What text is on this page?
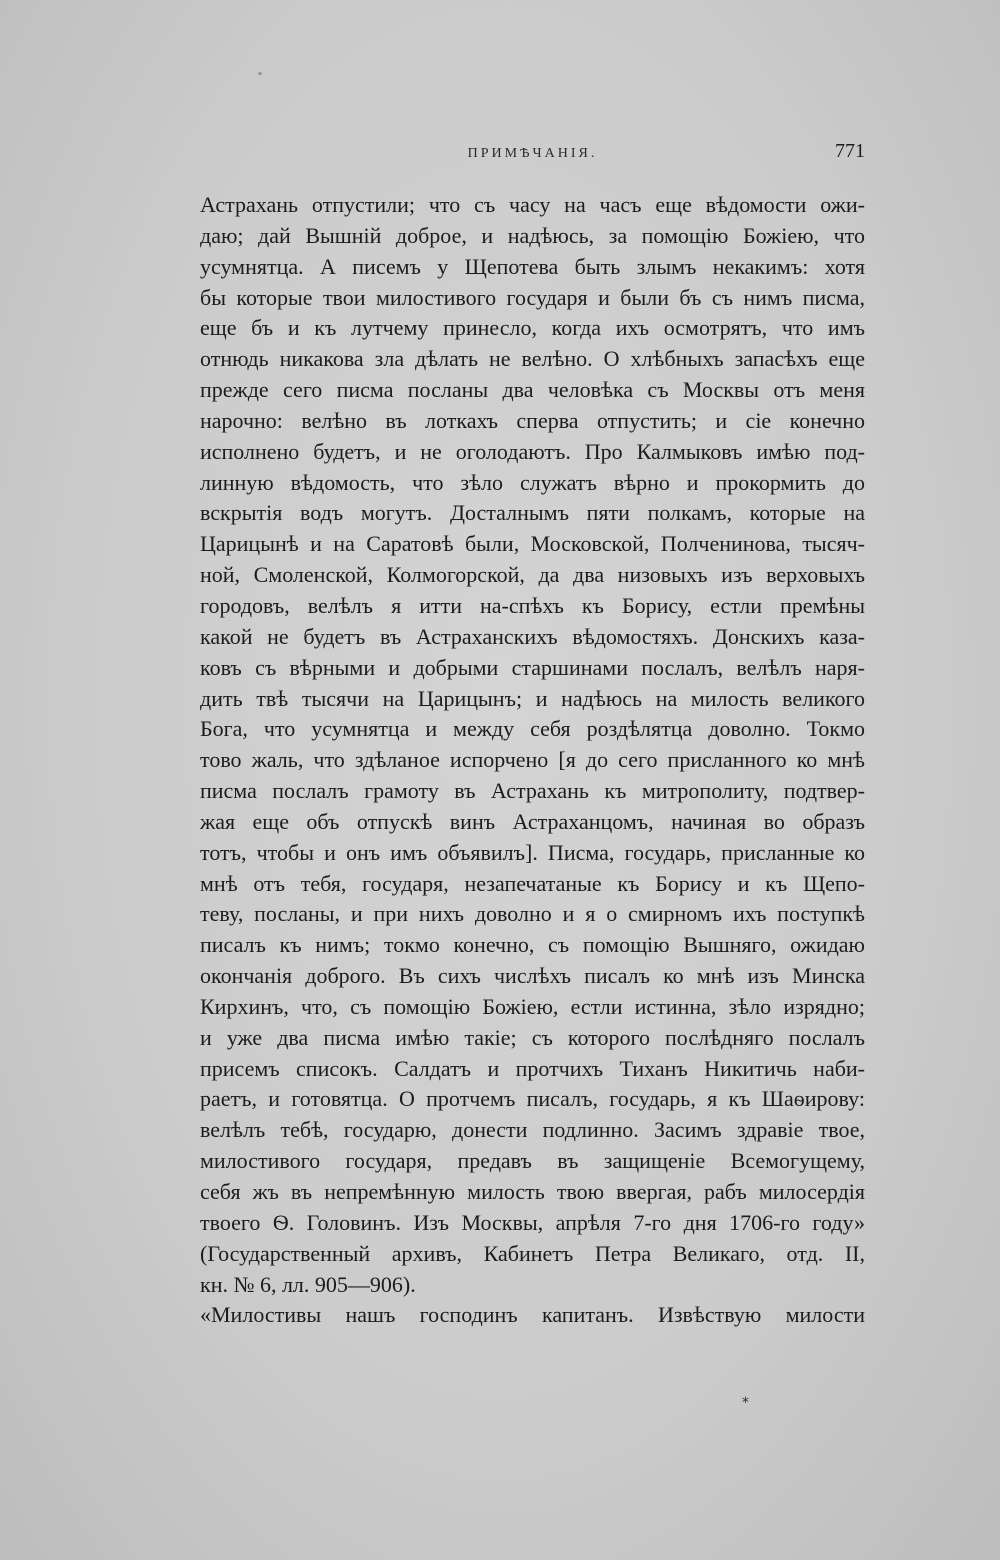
ПРИМѢЧАНІЯ.	771
Астрахань отпустили; что съ часу на часъ еще вѣдомости ожи-
даю; дай Вышній доброе, и надѣюсь, за помощію Божіею, что
усумнятца. А писемъ у Щепотева быть злымъ некакимъ: хотя
бы которые твои милостивого государя и были бъ съ нимъ писма,
еще бъ и къ лутчему принесло, когда ихъ осмотрятъ, что имъ
отнюдь никакова зла дѣлать не велѣно. О хлѣбныхъ запасѣхъ еще
прежде сего писма посланы два человѣка съ Москвы отъ меня
нарочно: велѣно въ лоткахъ сперва отпустить; и сіе конечно
исполнено будетъ, и не оголодаютъ. Про Калмыковъ имѣю под-
линную вѣдомость, что зѣло служатъ вѣрно и прокормить до
вскрытія водъ могутъ. Досталнымъ пяти полкамъ, которые на
Царицынѣ и на Саратовѣ были, Московской, Полченинова, тысяч-
ной, Смоленской, Колмогорской, да два низовыхъ изъ верховыхъ
городовъ, велѣлъ я итти на-спѣхъ къ Борису, естли премѣны
какой не будетъ въ Астраханскихъ вѣдомостяхъ. Донскихъ каза-
ковъ съ вѣрными и добрыми старшинами послалъ, велѣлъ наря-
дить твѣ тысячи на Царицынъ; и надѣюсь на милость великого
Бога, что усумнятца и между себя роздѣлятца доволно. Токмо
тово жаль, что здѣланое испорчено [я до сего присланного ко мнѣ
писма послалъ грамоту въ Астрахань къ митрополиту, подтвер-
жая еще объ отпускѣ винъ Астраханцомъ, начиная во образъ
тотъ, чтобы и онъ имъ объявилъ]. Писма, государь, присланные ко
мнѣ отъ тебя, государя, незапечатаные къ Борису и къ Щепо-
теву, посланы, и при нихъ доволно и я о смирномъ ихъ поступкѣ
писалъ къ нимъ; токмо конечно, съ помощію Вышняго, ожидаю
окончанія доброго. Въ сихъ числѣхъ писалъ ко мнѣ изъ Минска
Кирхинъ, что, съ помощію Божіею, естли истинна, зѣло изрядно;
и уже два писма имѣю такіе; съ которого послѣдняго послалъ
присемъ списокъ. Салдатъ и протчихъ Тиханъ Никитичь наби-
раетъ, и готовятца. О протчемъ писалъ, государь, я къ Шаѳирову:
велѣлъ тебѣ, государю, донести подлинно. Засимъ здравіе твое,
милостивого государя, предавъ въ защищеніе Всемогущему,
себя жъ въ непремѣнную милость твою ввергая, рабъ милосердія
твоего Ѳ. Головинъ. Изъ Москвы, апрѣля 7-го дня 1706-го году»
(Государственный архивъ, Кабинетъ Петра Великаго, отд. II,
кн. № 6, лл. 905—906).
«Милостивы нашъ господинъ капитанъ. Извѣствую милости
*
